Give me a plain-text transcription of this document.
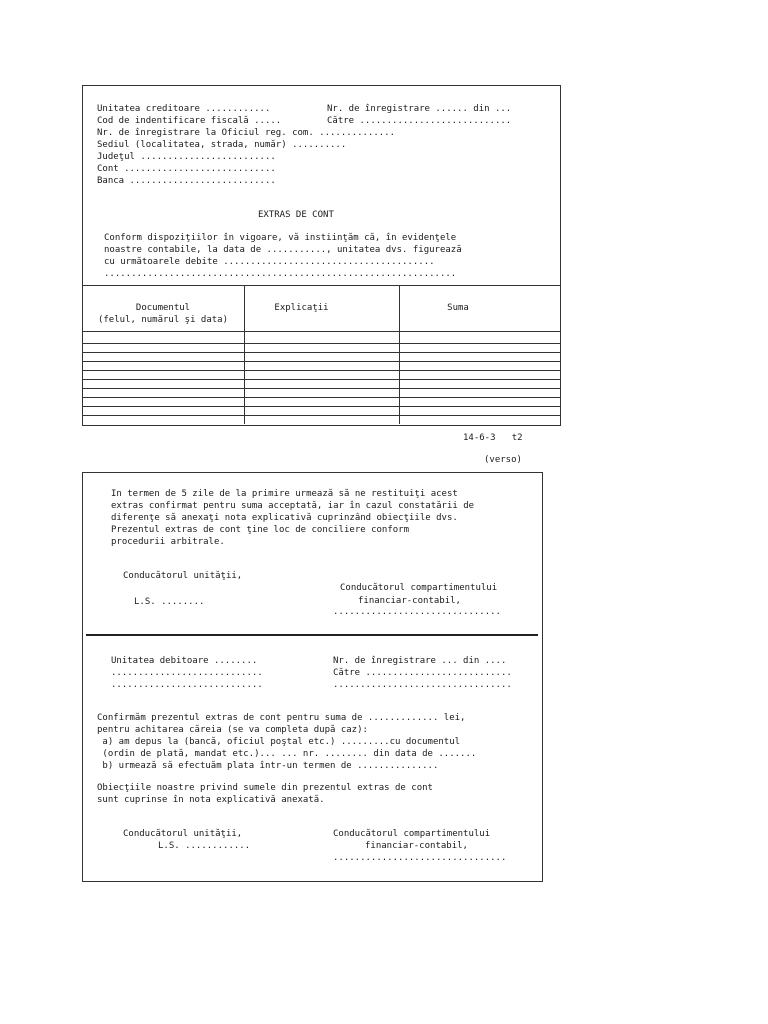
Unitatea creditoare ............
Cod de indentificare fiscală .....
Nr. de înregistrare la Oficiul reg. com. ..............
Sediul (localitatea, strada, număr) ..........
Judeţul .........................
Cont ............................
Banca ...........................
Nr. de înregistrare ...... din ...
Către ............................
EXTRAS DE CONT
Conform dispoziţiilor în vigoare, vă instiinţăm că, în evidenţele
noastre contabile, la data de ..........., unitatea dvs. figurează
cu următoarele debite .......................................
.................................................................
Documentul
(felul, numărul şi data)
Explicaţii	Suma
14-6-3   t2
(verso)
In termen de 5 zile de la primire urmează să ne restituiţi acest
extras confirmat pentru suma acceptată, iar în cazul constatării de
diferenţe să anexaţi nota explicativă cuprinzând obiecţiile dvs.
Prezentul extras de cont ţine loc de conciliere conform
procedurii arbitrale.
Conducătorul unităţii,
L.S. ........
Conducătorul compartimentului
financiar-contabil,
...............................
Unitatea debitoare ........
............................
............................
Nr. de înregistrare ... din ....
Către ...........................
.................................
Confirmăm prezentul extras de cont pentru suma de ............. lei,
pentru achitarea căreia (se va completa după caz):
a) am depus la (bancă, oficiul poştal etc.) .........cu documentul
(ordin de plată, mandat etc.)... ... nr. ........ din data de .......
b) urmează să efectuăm plata într-un termen de ...............
Obiecţiile noastre privind sumele din prezentul extras de cont
sunt cuprinse în nota explicativă anexată.
Conducătorul unităţii,
L.S. ............
Conducătorul compartimentului
financiar-contabil,
................................
